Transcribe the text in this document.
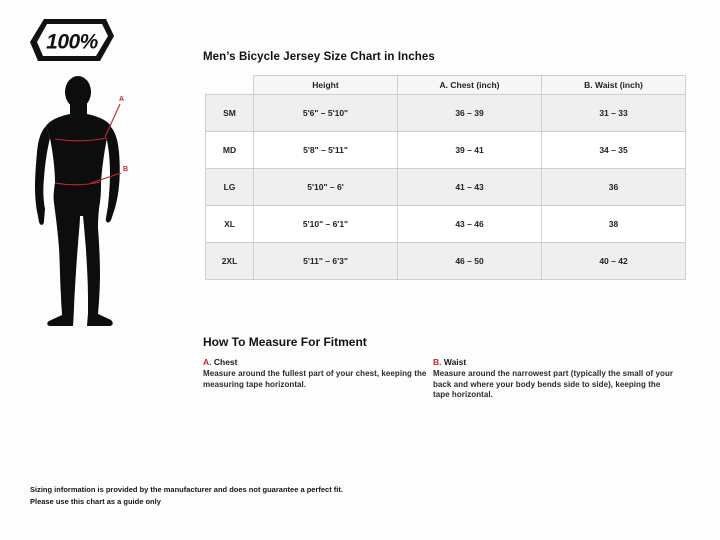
100%
A
B
Men’s Bicycle Jersey Size Chart in Inches
	Height	A. Chest (inch)	B. Waist (inch)
SM	5'6" – 5'10"	36 – 39	31 – 33
MD	5'8" – 5'11"	39 – 41	34 – 35
LG	5'10" – 6'	41 – 43	36
XL	5'10" – 6'1"	43 – 46	38
2XL	5'11" – 6'3"	46 – 50	40 – 42
How To Measure For Fitment
A. Chest
Measure around the fullest part of your chest, keeping the measuring tape horizontal.
B. Waist
Measure around the narrowest part (typically the small of your back and where your body bends side to side), keeping the tape horizontal.
Sizing information is provided by the manufacturer and does not guarantee a perfect fit.
Please use this chart as a guide only
